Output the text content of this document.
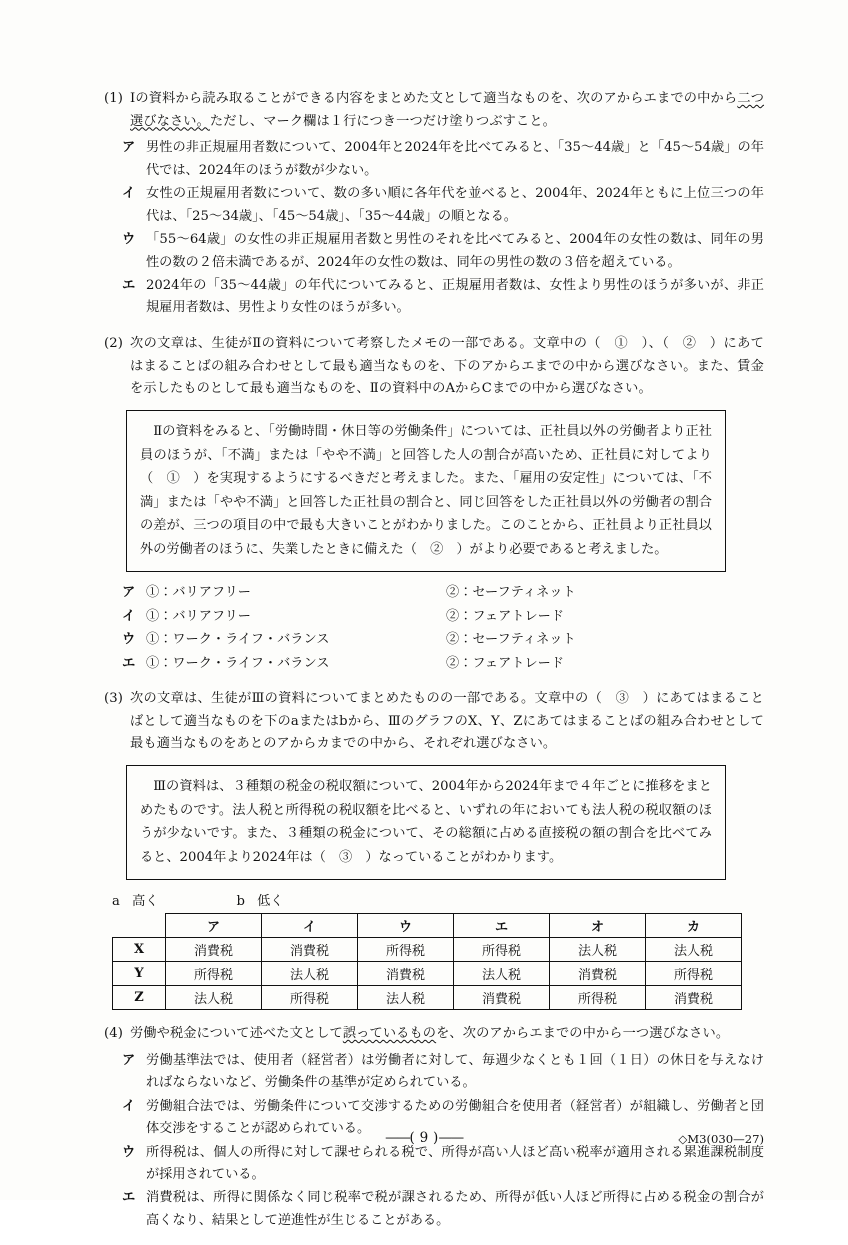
(1) Ⅰの資料から読み取ることができる内容をまとめた文として適当なものを、次のアからエまでの中から二つ選びなさい。ただし、マーク欄は１行につき一つだけ塗りつぶすこと。
ア 男性の非正規雇用者数について、2004年と2024年を比べてみると、「35～44歳」と「45～54歳」の年代では、2024年のほうが数が少ない。
イ 女性の正規雇用者数について、数の多い順に各年代を並べると、2004年、2024年ともに上位三つの年代は、「25～34歳」、「45～54歳」、「35～44歳」の順となる。
ウ 「55～64歳」の女性の非正規雇用者数と男性のそれを比べてみると、2004年の女性の数は、同年の男性の数の２倍未満であるが、2024年の女性の数は、同年の男性の数の３倍を超えている。
エ 2024年の「35～44歳」の年代についてみると、正規雇用者数は、女性より男性のほうが多いが、非正規雇用者数は、男性より女性のほうが多い。
(2) 次の文章は、生徒がⅡの資料について考察したメモの一部である。文章中の（　①　）、（　②　）にあてはまることばの組み合わせとして最も適当なものを、下のアからエまでの中から選びなさい。また、賃金を示したものとして最も適当なものを、Ⅱの資料中のAからCまでの中から選びなさい。

Ⅱの資料をみると、「労働時間・休日等の労働条件」については、正社員以外の労働者より正社員のほうが、「不満」または「やや不満」と回答した人の割合が高いため、正社員に対してより（　①　）を実現するようにするべきだと考えました。また、「雇用の安定性」については、「不満」または「やや不満」と回答した正社員の割合と、同じ回答をした正社員以外の労働者の割合の差が、三つの項目の中で最も大きいことがわかりました。このことから、正社員より正社員以外の労働者のほうに、失業したときに備えた（　②　）がより必要であると考えました。

ア ①：バリアフリー	②：セーフティネット
イ ①：バリアフリー	②：フェアトレード
ウ ①：ワーク・ライフ・バランス	②：セーフティネット
エ ①：ワーク・ライフ・バランス	②：フェアトレード
(3) 次の文章は、生徒がⅢの資料についてまとめたものの一部である。文章中の（　③　）にあてはまることばとして適当なものを下のaまたはbから、ⅢのグラフのX、Y、Zにあてはまることばの組み合わせとして最も適当なものをあとのアからカまでの中から、それぞれ選びなさい。

Ⅲの資料は、３種類の税金の税収額について、2004年から2024年まで４年ごとに推移をまとめたものです。法人税と所得税の税収額を比べると、いずれの年においても法人税の税収額のほうが少ないです。また、３種類の税金について、その総額に占める直接税の額の割合を比べてみると、2004年より2024年は（　③　）なっていることがわかります。

a 高く	b 低く
	ア	イ	ウ	エ	オ	カ
X	消費税	消費税	所得税	所得税	法人税	法人税
Y	所得税	法人税	消費税	法人税	消費税	所得税
Z	法人税	所得税	法人税	消費税	所得税	消費税
(4) 労働や税金について述べた文として誤っているものを、次のアからエまでの中から一つ選びなさい。
ア 労働基準法では、使用者（経営者）は労働者に対して、毎週少なくとも１回（１日）の休日を与えなければならないなど、労働条件の基準が定められている。
イ 労働組合法では、労働条件について交渉するための労働組合を使用者（経営者）が組織し、労働者と団体交渉をすることが認められている。
ウ 所得税は、個人の所得に対して課せられる税で、所得が高い人ほど高い税率が適用される累進課税制度が採用されている。
エ 消費税は、所得に関係なく同じ税率で税が課されるため、所得が低い人ほど所得に占める税金の割合が高くなり、結果として逆進性が生じることがある。
——( 9 )——	◇M3(030—27)
